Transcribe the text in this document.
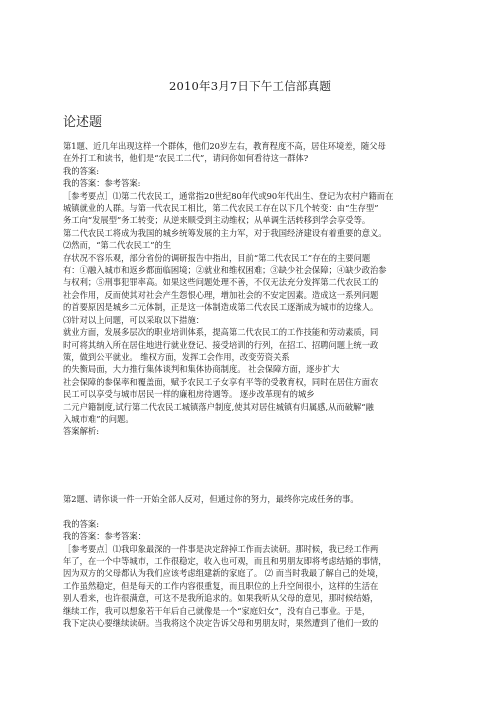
2010年3月7日下午工信部真题
论述题

第1题、近几年出现这样一个群体，他们20岁左右，教育程度不高，居住环境差，随父母

在外打工和读书，他们是“农民工二代”，请问你如何看待这一群体?

我的答案:

我的答案：参考答案:

［参考要点］⑴第二代农民工，通常指20世纪80年代或90年代出生、登记为农村户籍而在

城镇就业的人群。与第一代农民工相比，第二代农民工存在以下几个转变：由“生存型”

务工向“发展型”务工转变；从逆来顺受到主动维权；从单调生活转移到学会享受等。

第二代农民工将成为我国的城乡统筹发展的主力军，对于我国经济建设有着重要的意义。

⑵然而，“第二代农民工”的生

存状况不容乐观，部分省份的调研报告中指出，目前“第二代农民工”存在的主要问题

有：①融入城市和返乡都面临困境；②就业和维权困难；③缺少社会保障；④缺少政治参

与权利；⑤刑事犯罪率高。如果这些问题处理不善，不仅无法充分发挥第二代农民工的

社会作用，反而使其对社会产生怨恨心理，增加社会的不安定因素。造成这一系列问题

的首要原因是城乡二元体制，正是这一体制造成第二代农民工逐渐成为城市的边缘人。

⑶针对以上问题，可以采取以下措施：

就业方面，发展多层次的职业培训体系，提高第二代农民工的工作技能和劳动素质，同

时可将其纳入所在居住地进行就业登记、接受培训的行列，在招工、招聘问题上统一政

策，做到公平就业。 维权方面，发挥工会作用，改变劳资关系

的失衡局面，大力推行集体谈判和集体协商制度。 社会保障方面，逐步扩大

社会保障的参保率和覆盖面，赋予农民工子女享有平等的受教育权，同时在居住方面农

民工可以享受与城市居民一样的廉租房待遇等。 逐步改革现有的城乡

二元户籍制度,试行第二代农民工城镇落户制度,使其对居住城镇有归属感,从而破解“融

入城市难”的问题。

答案解析:

第2题、请你谈一件一开始全部人反对，但通过你的努力，最终你完成任务的事。

我的答案:

我的答案：参考答案：

［参考要点］⑴我印象最深的一件事是决定辞掉工作而去读研。那时候，我已经工作两

年了，在一个中等城市，工作很稳定，收入也可观，而且和男朋友即将考虑结婚的事情，

因为双方的父母都认为我们应该考虑组建新的家庭了。 ⑵ 而当时我最了解自己的处境，

工作虽然稳定，但是每天的工作内容很重复，而且职位的上升空间很小，这样的生活在

别人看来，也许很满意，可这不是我所追求的。如果我听从父母的意见，那时候结婚，

继续工作，我可以想象若干年后自己就像是一个“家庭妇女”，没有自己事业。于是，

我下定决心要继续读研。当我将这个决定告诉父母和男朋友时，果然遭到了他们一致的
